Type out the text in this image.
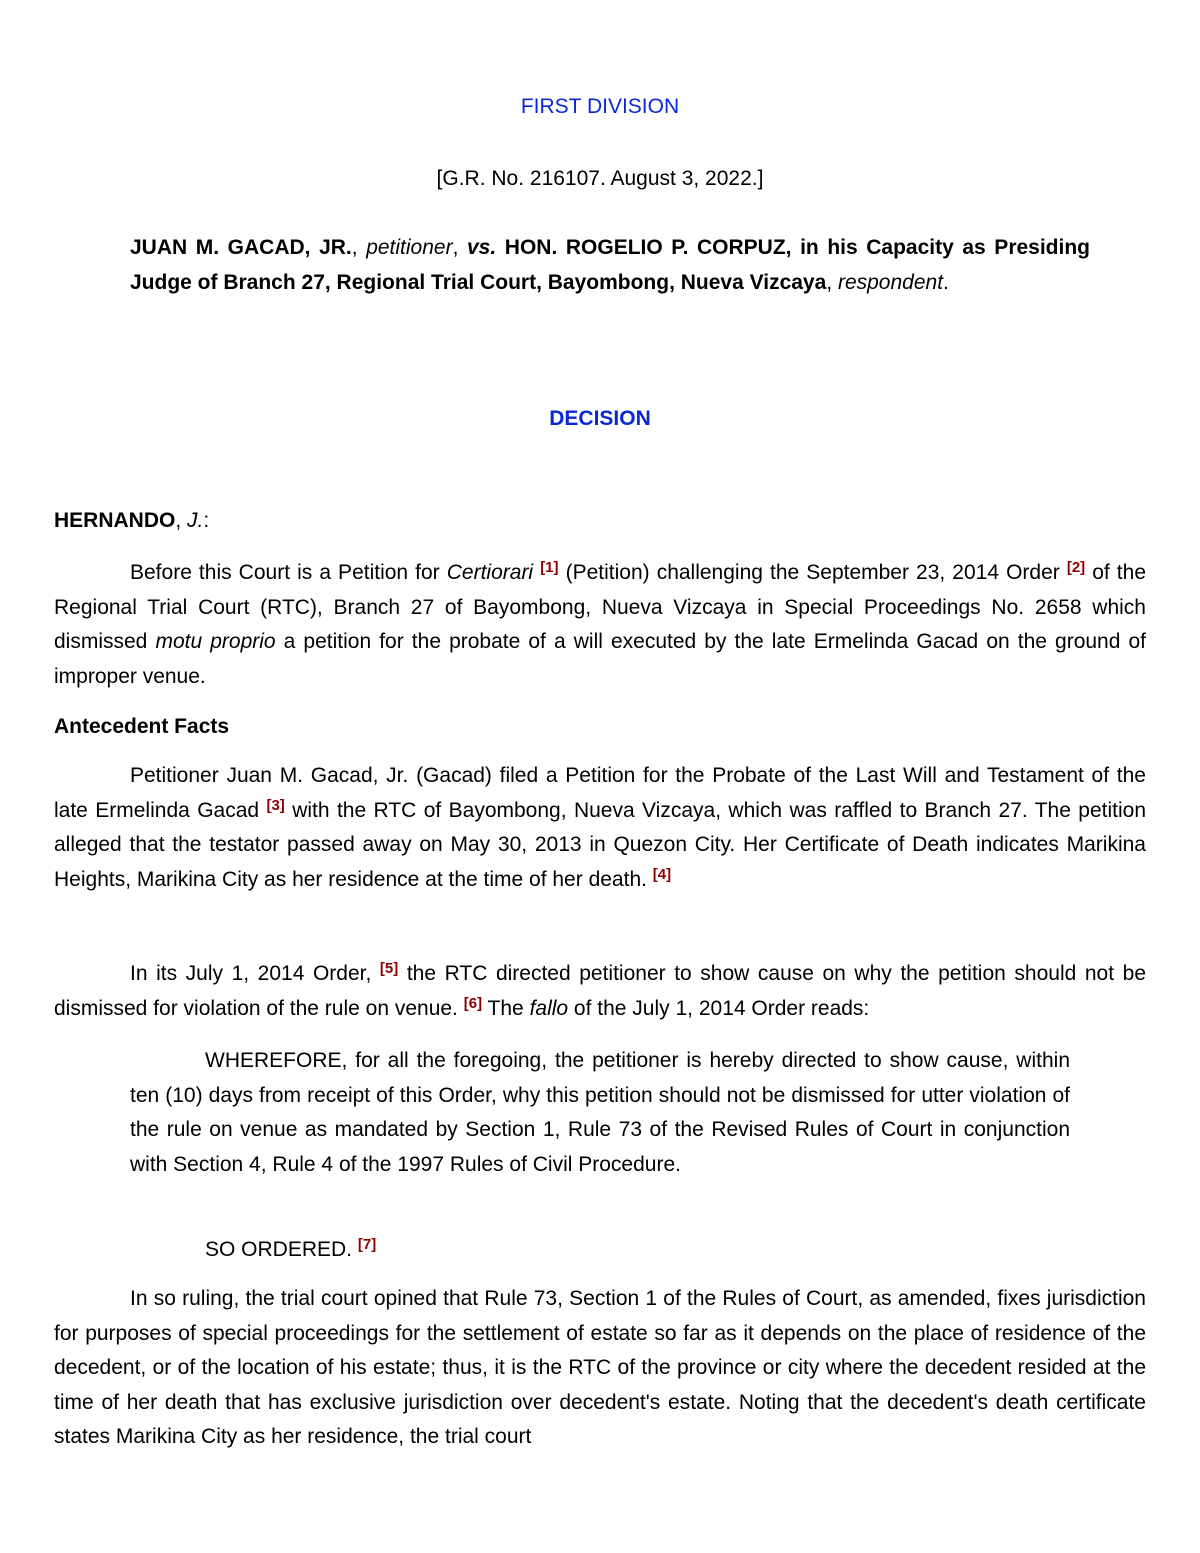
FIRST DIVISION
[G.R. No. 216107. August 3, 2022.]
JUAN M. GACAD, JR., petitioner, vs. HON. ROGELIO P. CORPUZ, in his Capacity as Presiding Judge of Branch 27, Regional Trial Court, Bayombong, Nueva Vizcaya, respondent.
DECISION
HERNANDO, J.:

Before this Court is a Petition for Certiorari [1] (Petition) challenging the September 23, 2014 Order [2] of the Regional Trial Court (RTC), Branch 27 of Bayombong, Nueva Vizcaya in Special Proceedings No. 2658 which dismissed motu proprio a petition for the probate of a will executed by the late Ermelinda Gacad on the ground of improper venue.

Antecedent Facts

Petitioner Juan M. Gacad, Jr. (Gacad) filed a Petition for the Probate of the Last Will and Testament of the late Ermelinda Gacad [3] with the RTC of Bayombong, Nueva Vizcaya, which was raffled to Branch 27. The petition alleged that the testator passed away on May 30, 2013 in Quezon City. Her Certificate of Death indicates Marikina Heights, Marikina City as her residence at the time of her death. [4]

In its July 1, 2014 Order, [5] the RTC directed petitioner to show cause on why the petition should not be dismissed for violation of the rule on venue. [6] The fallo of the July 1, 2014 Order reads:

WHEREFORE, for all the foregoing, the petitioner is hereby directed to show cause, within ten (10) days from receipt of this Order, why this petition should not be dismissed for utter violation of the rule on venue as mandated by Section 1, Rule 73 of the Revised Rules of Court in conjunction with Section 4, Rule 4 of the 1997 Rules of Civil Procedure.

SO ORDERED. [7]

In so ruling, the trial court opined that Rule 73, Section 1 of the Rules of Court, as amended, fixes jurisdiction for purposes of special proceedings for the settlement of estate so far as it depends on the place of residence of the decedent, or of the location of his estate; thus, it is the RTC of the province or city where the decedent resided at the time of her death that has exclusive jurisdiction over decedent's estate. Noting that the decedent's death certificate states Marikina City as her residence, the trial court
